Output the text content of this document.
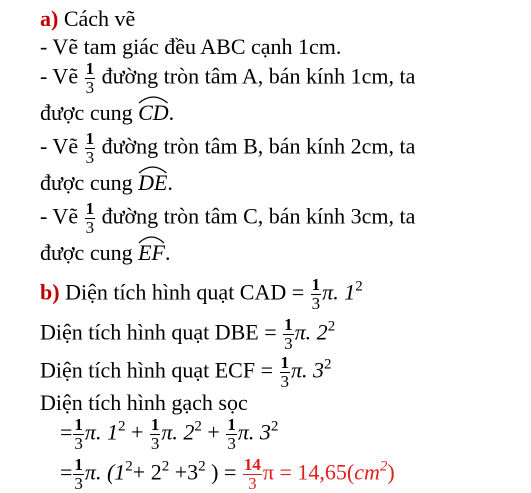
a) Cách vẽ
- Vẽ tam giác đều ABC cạnh 1cm.
- Vẽ $\frac{1}{3}$ đường tròn tâm A, bán kính 1cm, ta
được cung
CD.
- Vẽ $\frac{1}{3}$ đường tròn tâm B, bán kính 2cm, ta
được cung
DE.
- Vẽ $\frac{1}{3}$ đường tròn tâm C, bán kính 3cm, ta
được cung
EF.
b) Diện tích hình quạt CAD = $\frac{1}{3} \pi$. $1^2$
Diện tích hình quạt DBE = $\frac{1}{3} \pi$. $2^2$
Diện tích hình quạt ECF = $\frac{1}{3} \pi$. $3^2$
Diện tích hình gạch sọc
= $\frac{1}{3} \pi$. $1^2 + \frac{1}{3} \pi$. $2^2 + \frac{1}{3} \pi$. $3^2$
= $\frac{1}{3} \pi$. ($1^2+ 2^2 +3^2$ ) = $\frac{14}{3}$ $\pi = 14,65(cm^2)$
